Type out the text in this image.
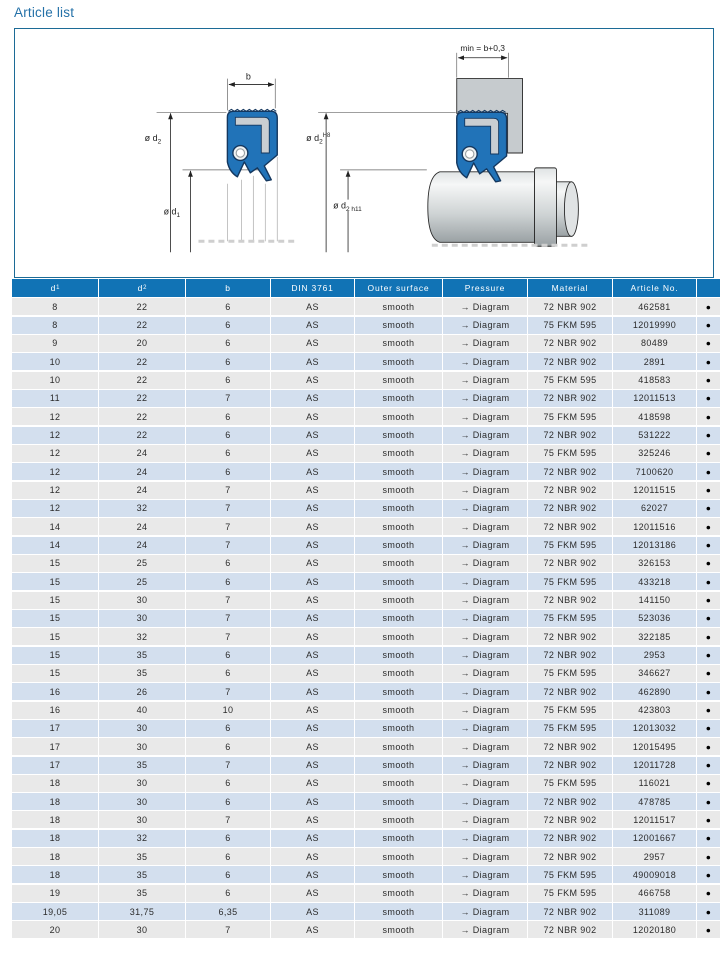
Article list
b
ø $d_2$
ø $d_1$
min = b+0,3
ø $d_2^{H8}$
ø $d_{2 h11}$
d 1	d 2	b	DIN 3761	Outer surface	Pressure	Material	Article No.
8	22	6	AS	smooth	→ Diagram	72 NBR 902	462581	●
8	22	6	AS	smooth	→ Diagram	75 FKM 595	12019990	●
9	20	6	AS	smooth	→ Diagram	72 NBR 902	80489	●
10	22	6	AS	smooth	→ Diagram	72 NBR 902	2891	●
10	22	6	AS	smooth	→ Diagram	75 FKM 595	418583	●
11	22	7	AS	smooth	→ Diagram	72 NBR 902	12011513	●
12	22	6	AS	smooth	→ Diagram	75 FKM 595	418598	●
12	22	6	AS	smooth	→ Diagram	72 NBR 902	531222	●
12	24	6	AS	smooth	→ Diagram	75 FKM 595	325246	●
12	24	6	AS	smooth	→ Diagram	72 NBR 902	7100620	●
12	24	7	AS	smooth	→ Diagram	72 NBR 902	12011515	●
12	32	7	AS	smooth	→ Diagram	72 NBR 902	62027	●
14	24	7	AS	smooth	→ Diagram	72 NBR 902	12011516	●
14	24	7	AS	smooth	→ Diagram	75 FKM 595	12013186	●
15	25	6	AS	smooth	→ Diagram	72 NBR 902	326153	●
15	25	6	AS	smooth	→ Diagram	75 FKM 595	433218	●
15	30	7	AS	smooth	→ Diagram	72 NBR 902	141150	●
15	30	7	AS	smooth	→ Diagram	75 FKM 595	523036	●
15	32	7	AS	smooth	→ Diagram	72 NBR 902	322185	●
15	35	6	AS	smooth	→ Diagram	72 NBR 902	2953	●
15	35	6	AS	smooth	→ Diagram	75 FKM 595	346627	●
16	26	7	AS	smooth	→ Diagram	72 NBR 902	462890	●
16	40	10	AS	smooth	→ Diagram	75 FKM 595	423803	●
17	30	6	AS	smooth	→ Diagram	75 FKM 595	12013032	●
17	30	6	AS	smooth	→ Diagram	72 NBR 902	12015495	●
17	35	7	AS	smooth	→ Diagram	72 NBR 902	12011728	●
18	30	6	AS	smooth	→ Diagram	75 FKM 595	116021	●
18	30	6	AS	smooth	→ Diagram	72 NBR 902	478785	●
18	30	7	AS	smooth	→ Diagram	72 NBR 902	12011517	●
18	32	6	AS	smooth	→ Diagram	72 NBR 902	12001667	●
18	35	6	AS	smooth	→ Diagram	72 NBR 902	2957	●
18	35	6	AS	smooth	→ Diagram	75 FKM 595	49009018	●
19	35	6	AS	smooth	→ Diagram	75 FKM 595	466758	●
19,05	31,75	6,35	AS	smooth	→ Diagram	72 NBR 902	311089	●
20	30	7	AS	smooth	→ Diagram	72 NBR 902	12020180	●
